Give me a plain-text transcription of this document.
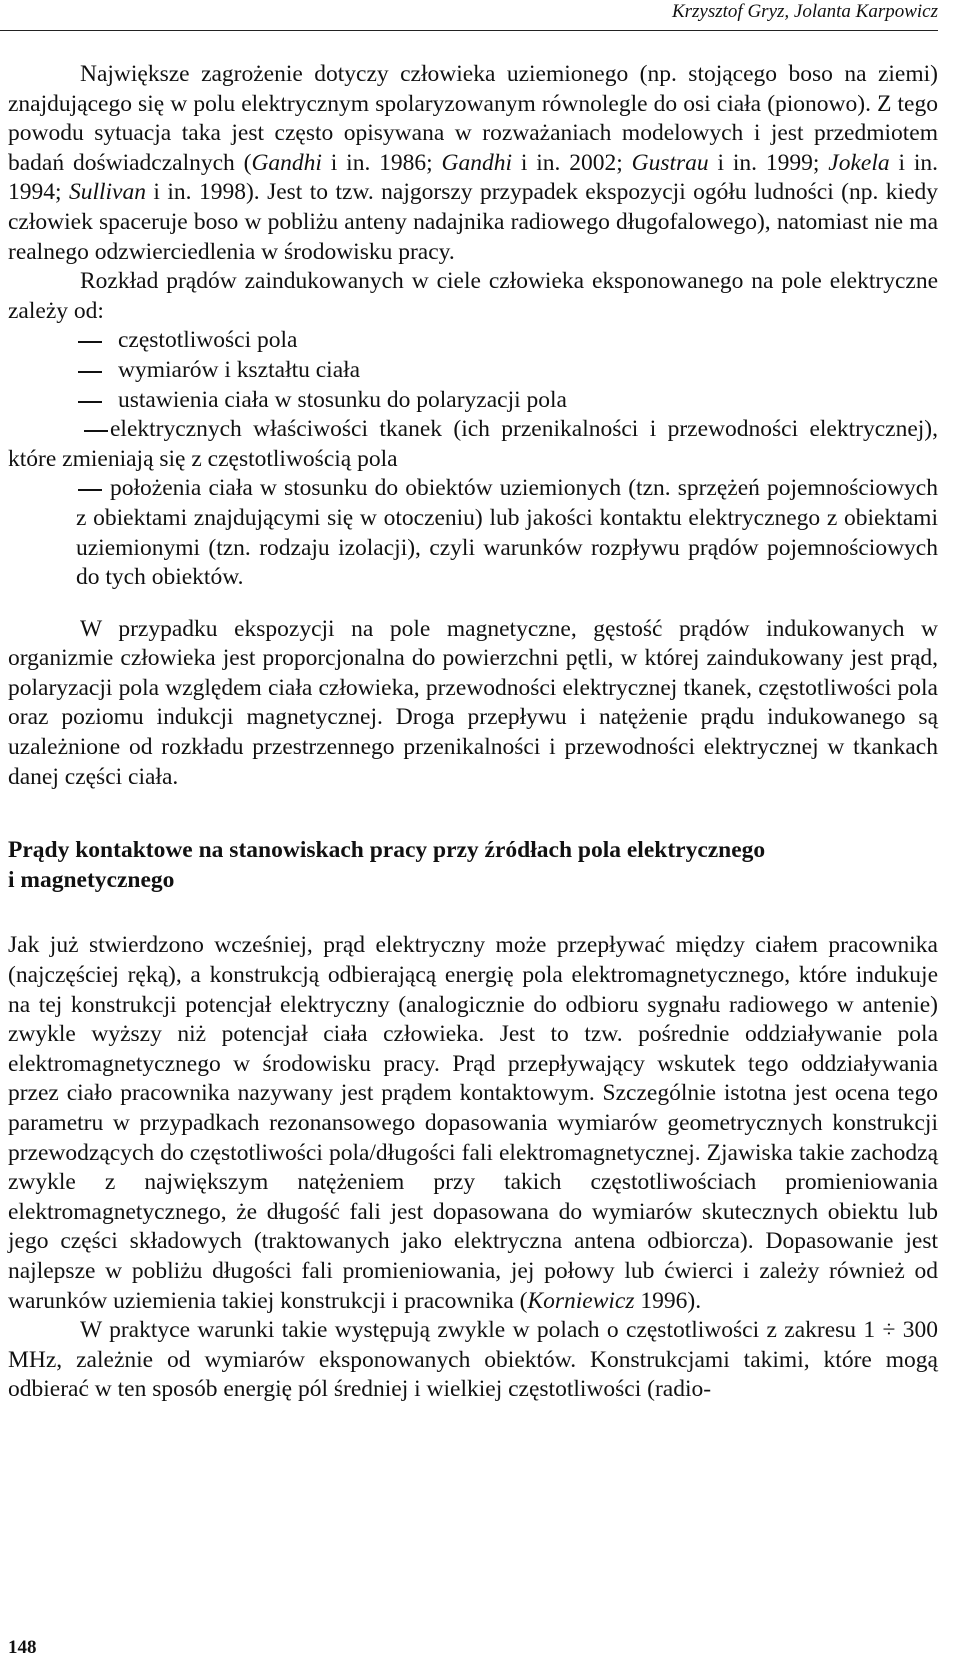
Krzysztof Gryz, Jolanta Karpowicz

Największe zagrożenie dotyczy człowieka uziemionego (np. stojącego boso na ziemi) znajdującego się w polu elektrycznym spolaryzowanym równolegle do osi ciała (pionowo). Z tego powodu sytuacja taka jest często opisywana w rozważaniach modelowych i jest przedmiotem badań doświadczalnych (Gandhi i in. 1986; Gandhi i in. 2002; Gustrau i in. 1999; Jokela i in. 1994; Sullivan i in. 1998). Jest to tzw. najgorszy przypadek ekspozycji ogółu ludności (np. kiedy człowiek spaceruje boso w pobliżu anteny nadajnika radiowego długofalowego), natomiast nie ma realnego odzwierciedlenia w środowisku pracy.

Rozkład prądów zaindukowanych w ciele człowieka eksponowanego na pole elektryczne zależy od:

częstotliwości pola
wymiarów i kształtu ciała
ustawienia ciała w stosunku do polaryzacji pola
elektrycznych właściwości tkanek (ich przenikalności i przewodności elektrycznej), które zmieniają się z częstotliwością pola
położenia ciała w stosunku do obiektów uziemionych (tzn. sprzężeń pojemnościowych z obiektami znajdującymi się w otoczeniu) lub jakości kontaktu elektrycznego z obiektami uziemionymi (tzn. rodzaju izolacji), czyli warunków rozpływu prądów pojemnościowych do tych obiektów.

W przypadku ekspozycji na pole magnetyczne, gęstość prądów indukowanych w organizmie człowieka jest proporcjonalna do powierzchni pętli, w której zaindukowany jest prąd, polaryzacji pola względem ciała człowieka, przewodności elektrycznej tkanek, częstotliwości pola oraz poziomu indukcji magnetycznej. Droga przepływu i natężenie prądu indukowanego są uzależnione od rozkładu przestrzennego przenikalności i przewodności elektrycznej w tkankach danej części ciała.

Prądy kontaktowe na stanowiskach pracy przy źródłach pola elektrycznego
i magnetycznego

Jak już stwierdzono wcześniej, prąd elektryczny może przepływać między ciałem pracownika (najczęściej ręką), a konstrukcją odbierającą energię pola elektromagnetycznego, które indukuje na tej konstrukcji potencjał elektryczny (analogicznie do odbioru sygnału radiowego w antenie) zwykle wyższy niż potencjał ciała człowieka. Jest to tzw. pośrednie oddziaływanie pola elektromagnetycznego w środowisku pracy. Prąd przepływający wskutek tego oddziaływania przez ciało pracownika nazywany jest prądem kontaktowym. Szczególnie istotna jest ocena tego parametru w przypadkach rezonansowego dopasowania wymiarów geometrycznych konstrukcji przewodzących do częstotliwości pola/długości fali elektromagnetycznej. Zjawiska takie zachodzą zwykle z największym natężeniem przy takich częstotliwościach promieniowania elektromagnetycznego, że długość fali jest dopasowana do wymiarów skutecznych obiektu lub jego części składowych (traktowanych jako elektryczna antena odbiorcza). Dopasowanie jest najlepsze w pobliżu długości fali promieniowania, jej połowy lub ćwierci i zależy również od warunków uziemienia takiej konstrukcji i pracownika (Korniewicz 1996).

W praktyce warunki takie występują zwykle w polach o częstotliwości z zakresu 1 ÷ 300 MHz, zależnie od wymiarów eksponowanych obiektów. Konstrukcjami takimi, które mogą odbierać w ten sposób energię pól średniej i wielkiej częstotliwości (radio-

148
